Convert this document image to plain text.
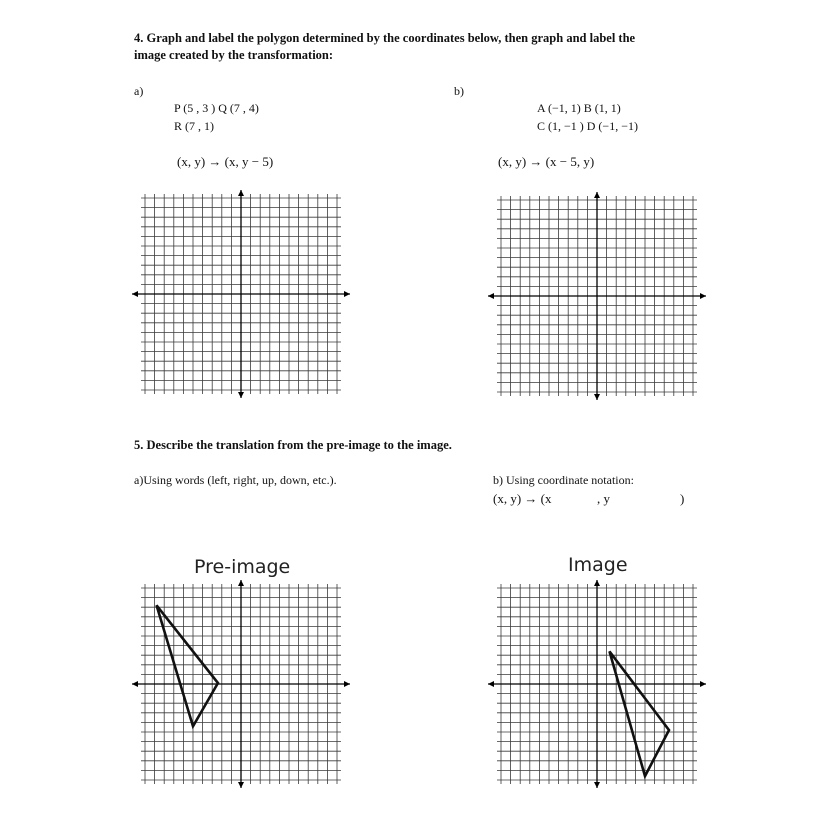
4. Graph and label the polygon determined by the coordinates below, then graph and label the
image created by the transformation:
a)
P (5 , 3 ) Q (7 , 4)
R (7 , 1)
(x, y) → (x, y − 5)
b)
A (−1, 1) B (1, 1)
C (1, −1 ) D (−1, −1)
(x, y) → (x − 5, y)
5. Describe the translation from the pre-image to the image.
a)Using words (left, right, up, down, etc.).	b) Using coordinate notation:
(x, y) → (x	, y	)
Pre-image	Image
